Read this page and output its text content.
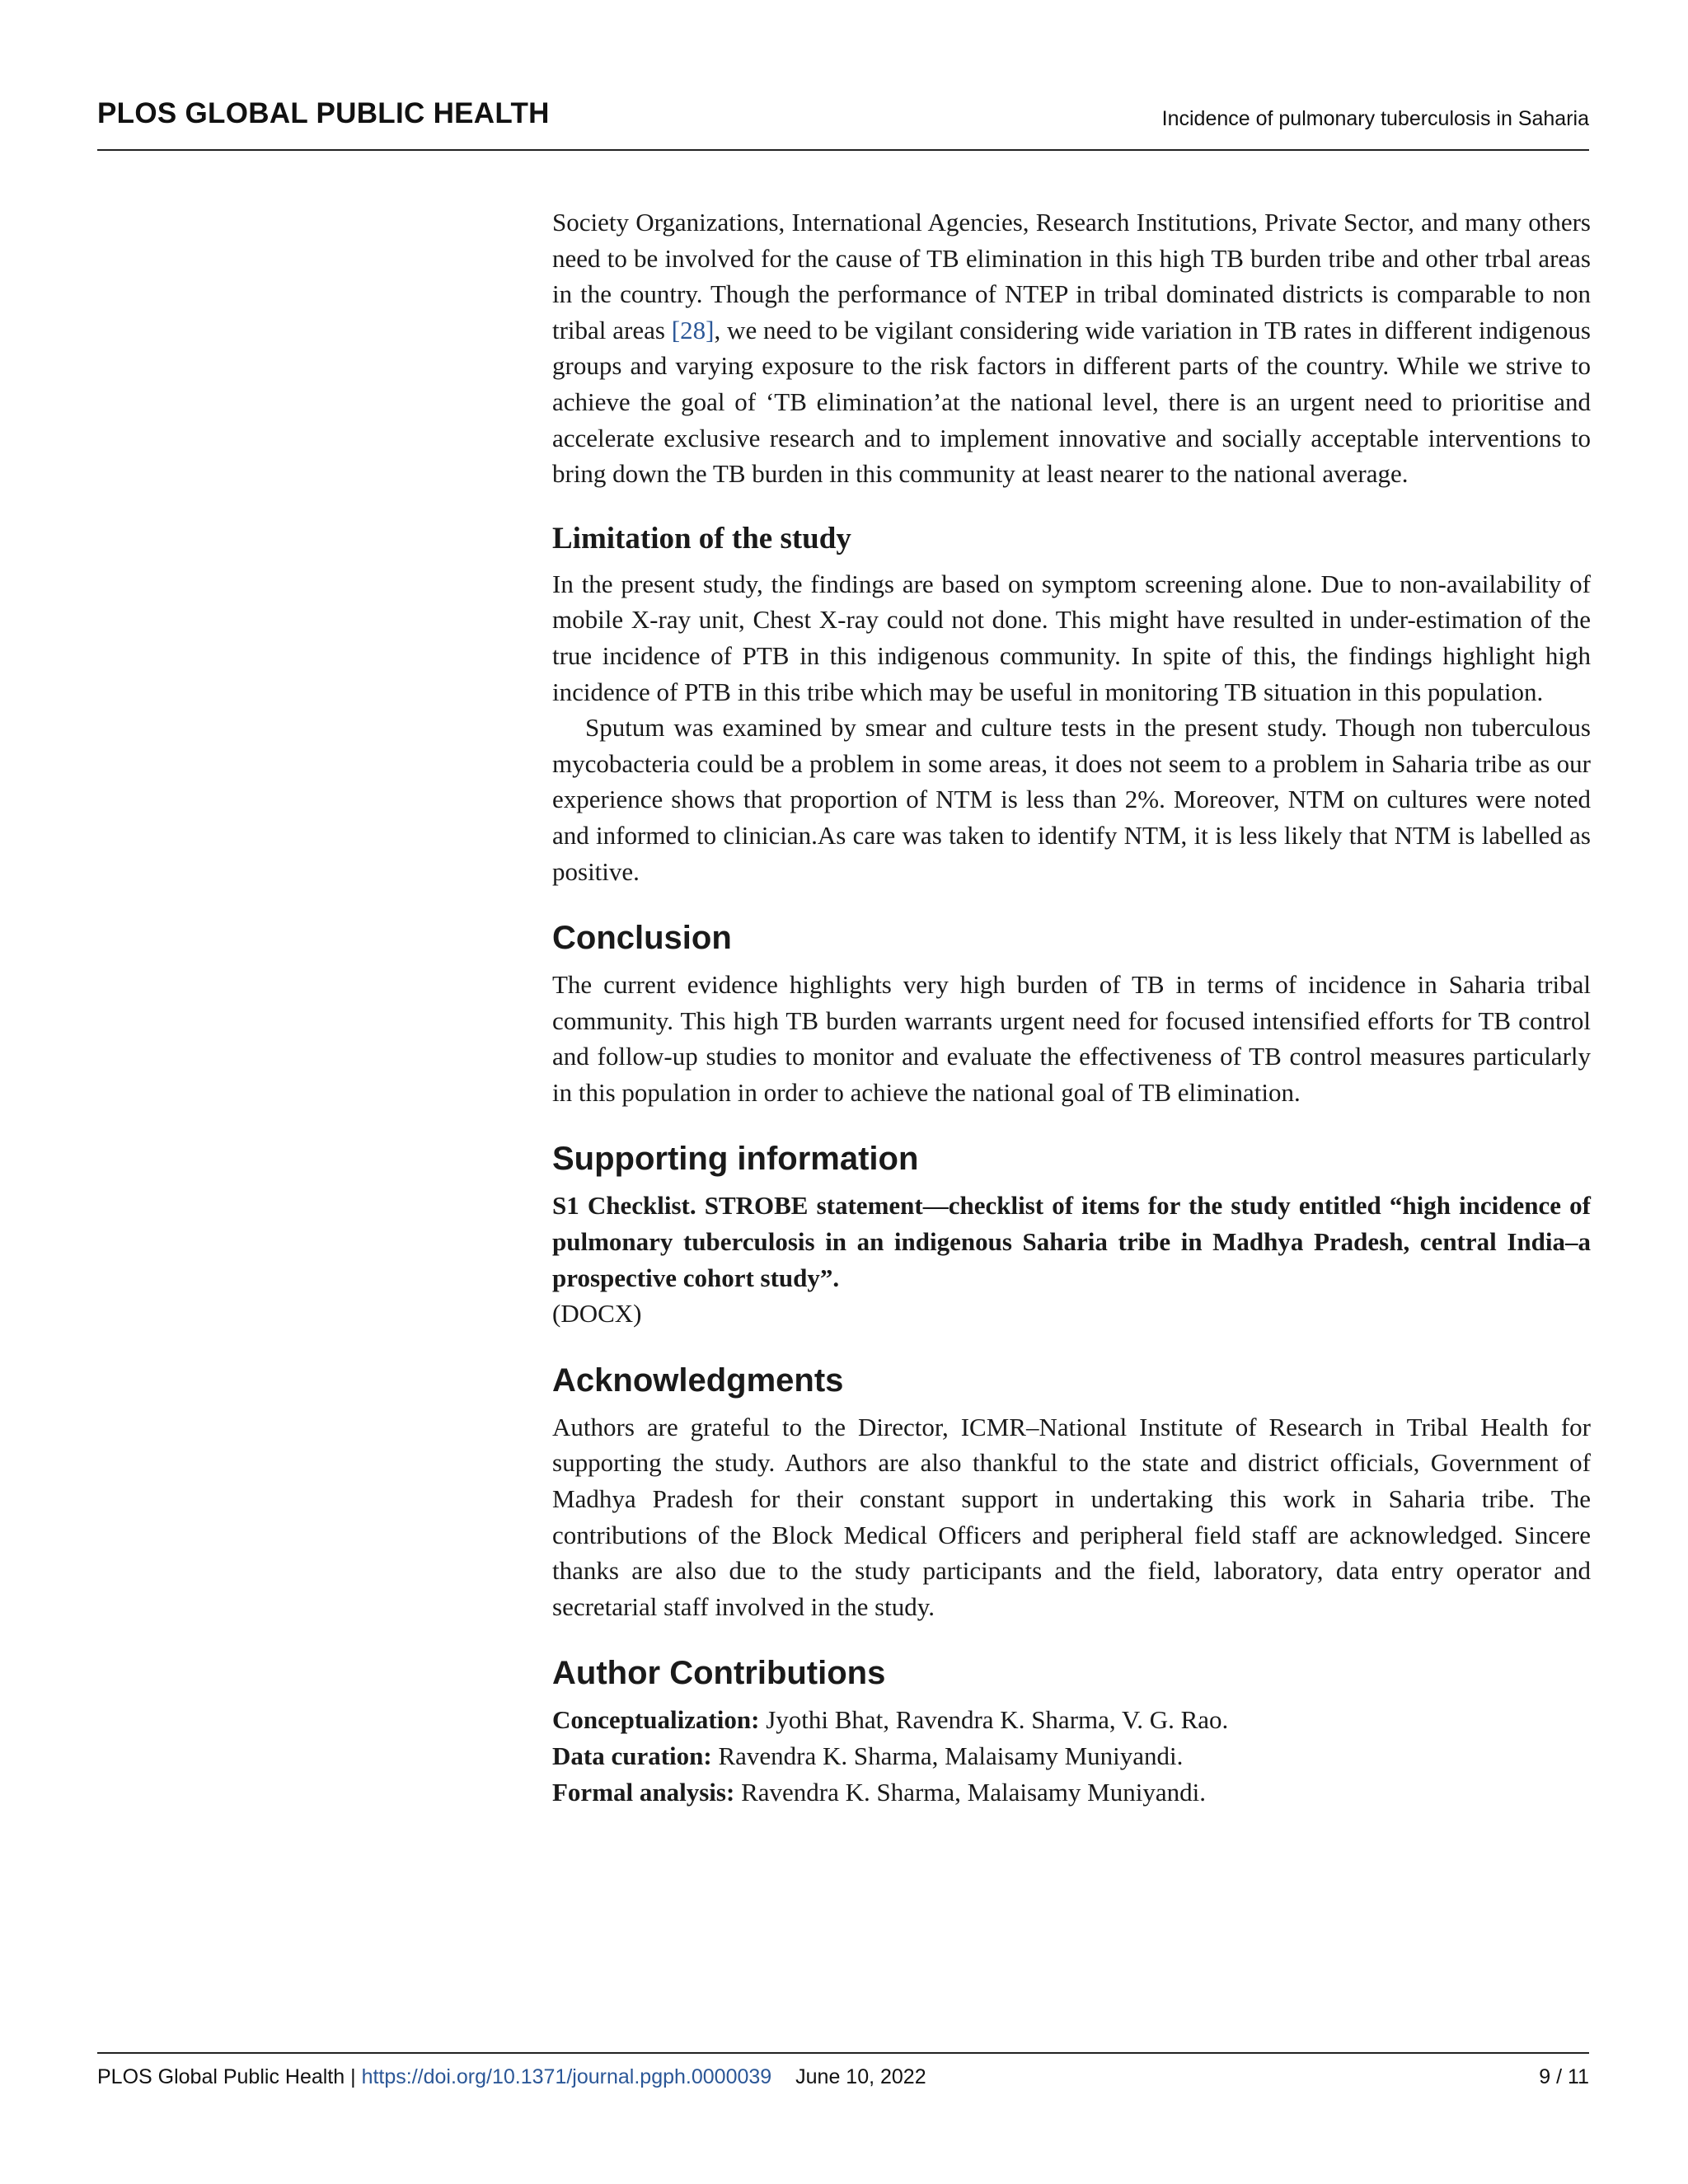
PLOS GLOBAL PUBLIC HEALTH	Incidence of pulmonary tuberculosis in Saharia

Society Organizations, International Agencies, Research Institutions, Private Sector, and many others need to be involved for the cause of TB elimination in this high TB burden tribe and other trbal areas in the country. Though the performance of NTEP in tribal dominated districts is comparable to non tribal areas [28], we need to be vigilant considering wide variation in TB rates in different indigenous groups and varying exposure to the risk factors in different parts of the country. While we strive to achieve the goal of ‘TB elimination’at the national level, there is an urgent need to prioritise and accelerate exclusive research and to implement innovative and socially acceptable interventions to bring down the TB burden in this community at least nearer to the national average.

Limitation of the study

In the present study, the findings are based on symptom screening alone. Due to non-availability of mobile X-ray unit, Chest X-ray could not done. This might have resulted in under-estimation of the true incidence of PTB in this indigenous community. In spite of this, the findings highlight high incidence of PTB in this tribe which may be useful in monitoring TB situation in this population.

Sputum was examined by smear and culture tests in the present study. Though non tuberculous mycobacteria could be a problem in some areas, it does not seem to a problem in Saharia tribe as our experience shows that proportion of NTM is less than 2%. Moreover, NTM on cultures were noted and informed to clinician.As care was taken to identify NTM, it is less likely that NTM is labelled as positive.

Conclusion

The current evidence highlights very high burden of TB in terms of incidence in Saharia tribal community. This high TB burden warrants urgent need for focused intensified efforts for TB control and follow-up studies to monitor and evaluate the effectiveness of TB control measures particularly in this population in order to achieve the national goal of TB elimination.

Supporting information

S1 Checklist. STROBE statement—checklist of items for the study entitled “high incidence of pulmonary tuberculosis in an indigenous Saharia tribe in Madhya Pradesh, central India–a prospective cohort study”.

(DOCX)

Acknowledgments

Authors are grateful to the Director, ICMR–National Institute of Research in Tribal Health for supporting the study. Authors are also thankful to the state and district officials, Government of Madhya Pradesh for their constant support in undertaking this work in Saharia tribe. The contributions of the Block Medical Officers and peripheral field staff are acknowledged. Sincere thanks are also due to the study participants and the field, laboratory, data entry operator and secretarial staff involved in the study.

Author Contributions

Conceptualization: Jyothi Bhat, Ravendra K. Sharma, V. G. Rao.

Data curation: Ravendra K. Sharma, Malaisamy Muniyandi.

Formal analysis: Ravendra K. Sharma, Malaisamy Muniyandi.

PLOS Global Public Health | https://doi.org/10.1371/journal.pgph.0000039 June 10, 2022	9 / 11
